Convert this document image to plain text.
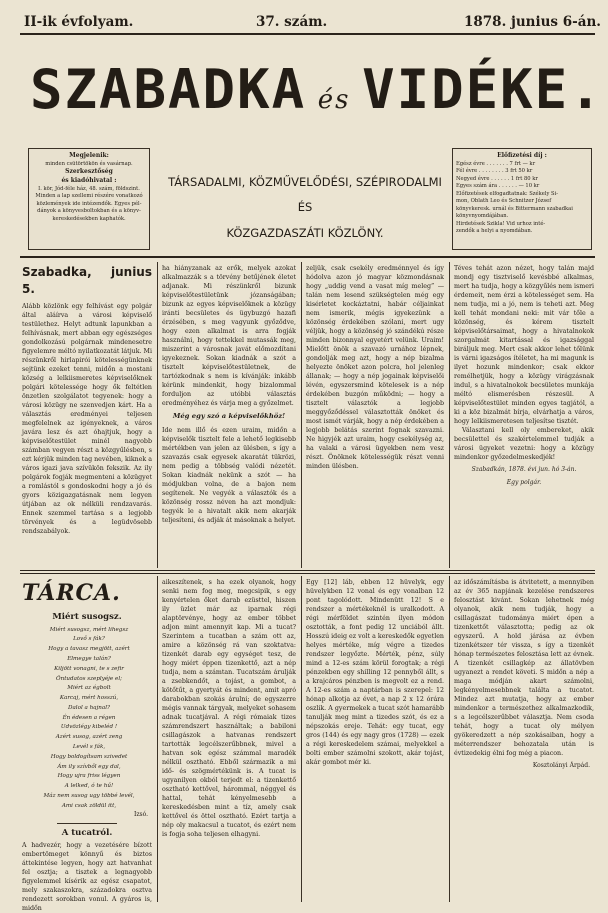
II-ik évfolyam.	37. szám.	1878. junius 6-án.
SZABADKA és VIDÉKE.
Megjelenik:
minden csütörtökön és vasárnap.
Szerkesztőség
és kiadóhivatal :
I. kör, Jód-féle ház, 48. szám, földszint.
Minden a lap szellemi részére vonatkozó
közlemények ide intézendők. Egyes pél-
dányok a könyvesboltokban és a könyv-
kereskedésekben kaphatók.
TÁRSADALMI, KÖZMŰVELŐDÉSI, SZÉPIRODALMI ÉS
KÖZGAZDASZÁTI KÖZLÖNY.
Előfizetési díj :
Egész évre . . . . . . . 7 frt — kr
Fél évre . . . . . . . . 3 frt 50 kr
Negyed évre . . . . . . 1 frt 80 kr
Egyes szám ára . . . . . . — 10 kr
Előfizetések elfogadtatnak: Székely Si-
mon, Oblath Leo és Schnitzer József
könyvkeresk. urnál és Bittermann szabadkai
könyvnyomdájában.
Hirdetések Szikla! Vid urhoz inté-
zendők a helyi a nyomdában.
Szabadka, junius 5.

Alább közlönk egy felhívást egy polgár által aláírva a városi képviselő testülethez. Helyt adtunk lapunkban a felhívásnak, mert abban egy egészséges gondolkozású polgárnak mindenesetre figyelemre méltó nyilatkozatát látjuk. Mi részünkről hirlapirói kötelességünknek sejtünk ezeket tenni, midőn a mostani község a lelkiismeretes képviselőknek polgári kötelessége hogy ők feltétlen önzetlen szolgálatot tegyenek: hogy a városi közügy ne szenvedjen kárt. Ha a választás eredményei teljesen megfelelnek az igényeknek, a város javára lesz és azt óhajtjuk, hogy a képviselőtestület minél nagyobb számban vegyen részt a közgyűlésben, s ezt kérjük minden tag nevében, kiknek a város igazi java szívükön fekszik. Az ily polgárok fogják megmenteni a közügyet a romlástól s gondoskodni hogy a jó és gyors közigazgatásnak nem legyen útjában az ok nélküli rendzavarás. Ennek szemmel tartása s a legjobb törvények és a legüdvösebb rendszabályok.

ha hiányzanak az erők, melyek azokat alkalmazzák s a törvény betűjének életet adjanak. Mi részünkről bizunk képviselőtestületünk józanságában; bizunk az egyes képviselőknek a közügy iránti becsületes és ügybuzgó hazafi érzésében, s meg vagyunk győződve, hogy ezen alkalmat is arra fogják használni, hogy tettekkel mutassák meg, miszerint a városnak javát előmozdítani igyekeznek. Sokan kiadnák a szót a tisztelt képviselőtestületnek, de tartózkodnak s nem is kívánják: inkább kérünk mindenkit, hogy bizalommal forduljon az utóbbi választás eredményéhez és várja meg a győzelmet.

Még egy szó a képviselőkhöz!

Ide nem illő és ezen uraim, midőn a képviselők tisztelt fele a lehető legkisebb mértékben van jelen az ülésben, s így a szavazás csak egyesek akaratát tükrözi, nem pedig a többség valódi nézetét. Sokan kiadnák nekünk a szót — ha módjukban volna, de a bajon nem segítenek. Ne vegyék a választók és a közönség rossz néven ha azt mondjuk: tegyék le a hivatalt akik nem akarják teljesíteni, és adják át másoknak a helyet.

zeljük, csak csekély eredménnyel és így hódolva azon jó magyar közmondásnak hogy „uddig vend a vasat míg meleg” — talán nem lesend szükségtelen még egy kisérletet kockáztatni, habár céljainkat nem ismerik, mégis igyekezünk a közönség érdekében szólani, mert ugy véljük, hogy a közönség jó szándékú része minden bizonnyal egyetért velünk. Uraim! Mielőtt önök a szavazó urnához lépnek, gondolják meg azt, hogy a nép bizalma helyezte önöket azon polcra, hol jelenleg állanak; — hogy a nép jogainak képviselői lévén, egyszersmind kötelesek is a nép érdekében buzgón működni; — hogy a tisztelt választók a legjobb meggyőződéssel választották önöket és most ismét várják, hogy a nép érdekében a legjobb belátás szerint fognak szavazni. Ne higyjék azt uraim, hogy csekélység az, ha valaki a városi ügyekben nem vesz részt. Önöknek kötelességük részt venni minden ülésben.

Téves tehát azon nézet, hogy talán majd mondj egy tisztviselő kevésbbé alkalmas, mert ha tudja, hogy a közgyűlés nem ismeri érdemeit, nem érzi a kötelességet sem. Ha nem tudja, mi a jó, nem is teheti azt. Meg kell tehát mondani neki: mit vár tőle a közönség, és kérem tisztelt képviselőtársaimat, hogy a hivatalnokok szorgalmát kitartással és igazsággal biráljuk meg. Mert csak akkor lehet tőlünk is várni igazságos ítéletet, ha mi magunk is ilyet hozunk mindenkor; csak ekkor remélhetjük, hogy a közügy virágzásnak indul, s a hivatalnokok becsületes munkája méltó elismerésben részesül. A képviselőtestület minden egyes tagjától, a ki a köz bizalmát bírja, elvárhatja a város, hogy lelkiismeretesen teljesítse tisztét.

Választani kell oly embereket, akik becsülettel és szakértelemmel tudják a városi ügyeket vezetni: hogy a közügy mindenkor győzedelmeskedjék!

Szabadkán, 1878. évi jun. hó 3-án.
Egy polgár.
TÁRCA.
Miért susogsz.
Miért susogsz, mért lihegsz
Lovő s fák?
Hogy a tavasz megjött, azért
Elmegye talán?
Kiljött vonagni, te s zefir
Öntudatos szeplyéje el;
Miért az égbolt
Karcaj, mért hosszú,
Dalol a hajnal?
Én édesen a régen
Udvözlégy kibeléd !
Azért susog, azért zeng
Levél s fák,
Hogy boldogítsam szivedet
Ám ily szívből egy dal,
Hogy ujra friss légyen
A lelked, ó te hű!
Máz nem susog ugy többé levél,
Ami csak zöldül itt,
Izsó.
A tucatról.

A hadvezér, hogy a vezetésére bízott embertömeget könnyű és biztos áttekintése legyen, hogy azt hatvanhat fel osztja; a tisztek a legnagyobb figyelemmel kísérik az egész csapatot, mely szakaszokra, századokra osztva rendezett sorokban vonul. A gyáros is, midőn

aikeszítenek, s ha ezek olyanok, hogy senki nem fog meg, megcsipik, s egy kenyértelen őket darab ezüsttel, hiszen ily üzlet már az iparnak régi alaptörvénye, hogy az ember többet adjon mint amennyit kap. Mi a tucat? Szerintem a tucatban a szám ott az, amire a közönség rá van szoktatva: tizenkét darab egy egységet tesz, de hogy miért éppen tizenkettő, azt a nép tudja, nem a számtan. Tucatszám árulják a zsebkendőt, a tojást, a gombot, a kötőtűt, a gyertyát és mindent, amit apró darabokban szokás árulni; de egyszerre mégis vannak tárgyak, melyeket sohasem adnak tucatjával. A régi rómaiak tizes számrendszert használtak; a babiloni csillagászok a hatvanas rendszert tartották legcélszerűbbnek, mivel a hatvan sok egész számmal maradék nélkül osztható. Ebből származik a mi idő- és szögmértékünk is. A tucat is ugyanilyen okból terjedt el: a tizenkettő osztható kettővel, hárommal, néggyel és hattal, tehát kényelmesebb a kereskedésben mint a tíz, amely csak kettővel és öttel osztható. Ezért tartja a nép oly makacsul a tucatot, és ezért nem is fogja soha teljesen elhagyni.

Egy [12] láb, ebben 12 hüvelyk, egy hüvelykben 12 vonal és egy vonalban 12 pont tagolódott. Mindenütt 12! S e rendszer a mértékeknél is uralkodott. A régi mérföldet szintén ilyen módon osztották, a font pedig 12 unciából állt. Hosszú ideig ez volt a kereskedők egyetlen helyes mértéke, míg végre a tizedes rendszer legyőzte. Mérték, pénz, súly mind a 12-es szám körül forogtak; a régi pénzekben egy shilling 12 pennyből állt, s a krajcáros pénzben is megvolt ez a rend. A 12-es szám a naptárban is szerepel: 12 hónap alkotja az évet, a nap 2 x 12 órára oszlik. A gyermekek a tucat szót hamarább tanulják meg mint a tizedes szót, és ez a népszokás ereje. Tehát: egy tucat, egy gros (144) és egy nagy gros (1728) — ezek a régi kereskedelem számai, melyekkel a bolti ember számolni szokott, akár tojást, akár gombot mér ki.

az időszámításba is átvitetett, a mennyiben az év 365 napjának kezelése rendszeres felosztást kivánt. Sokan lehetnek még olyanok, akik nem tudják, hogy a csillagászat tudománya miért épen a tizenkettőt választotta; pedig az ok egyszerű. A hold járása az évben tizenkétszer tér vissza, s így a tizenkét hónap természetes felosztása lett az évnek. A tizenkét csillagkép az állatövben ugyanezt a rendet követi. S midőn a nép a maga módján akart számolni, legkényelmesebbnek találta a tucatot. Mindez azt mutatja, hogy az ember mindenkor a természethez alkalmazkodik, s a legcélszerűbbet választja. Nem csoda tehát, hogy a tucat oly mélyen gyökeredzett a nép szokásaiban, hogy a méterrendszer behozatala után is évtizedekig élni fog még a piacon.

Kosztolányi Árpád.
